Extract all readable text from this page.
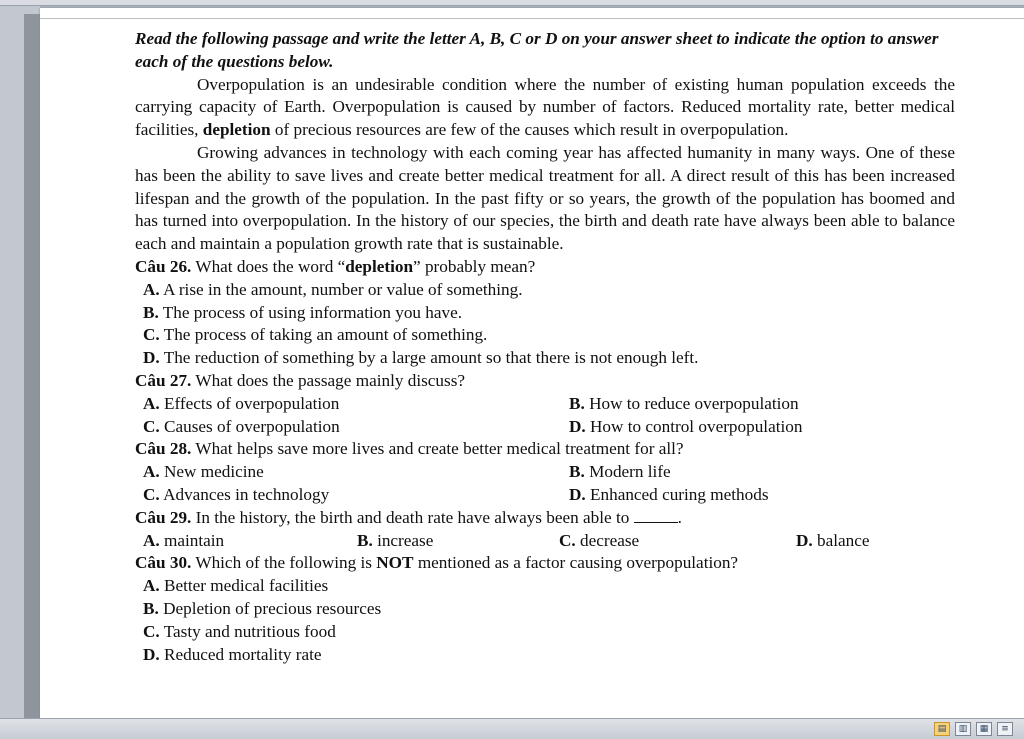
Read the following passage and write the letter A, B, C or D on your answer sheet to indicate the option to answer each of the questions below.

Overpopulation is an undesirable condition where the number of existing human population exceeds the carrying capacity of Earth. Overpopulation is caused by number of factors. Reduced mortality rate, better medical facilities, depletion of precious resources are few of the causes which result in overpopulation.

Growing advances in technology with each coming year has affected humanity in many ways. One of these has been the ability to save lives and create better medical treatment for all. A direct result of this has been increased lifespan and the growth of the population. In the past fifty or so years, the growth of the population has boomed and has turned into overpopulation. In the history of our species, the birth and death rate have always been able to balance each and maintain a population growth rate that is sustainable.

Câu 26. What does the word “depletion” probably mean?

A. A rise in the amount, number or value of something.

B. The process of using information you have.

C. The process of taking an amount of something.

D. The reduction of something by a large amount so that there is not enough left.

Câu 27. What does the passage mainly discuss?

A. Effects of overpopulation	B. How to reduce overpopulation
C. Causes of overpopulation	D. How to control overpopulation

Câu 28. What helps save more lives and create better medical treatment for all?

A. New medicine	B. Modern life
C. Advances in technology	D. Enhanced curing methods

Câu 29. In the history, the birth and death rate have always been able to	.

A. maintain	B. increase	C. decrease	D. balance

Câu 30. Which of the following is NOT mentioned as a factor causing overpopulation?

A. Better medical facilities

B. Depletion of precious resources

C. Tasty and nutritious food

D. Reduced mortality rate

▤	▥	▦	≡
